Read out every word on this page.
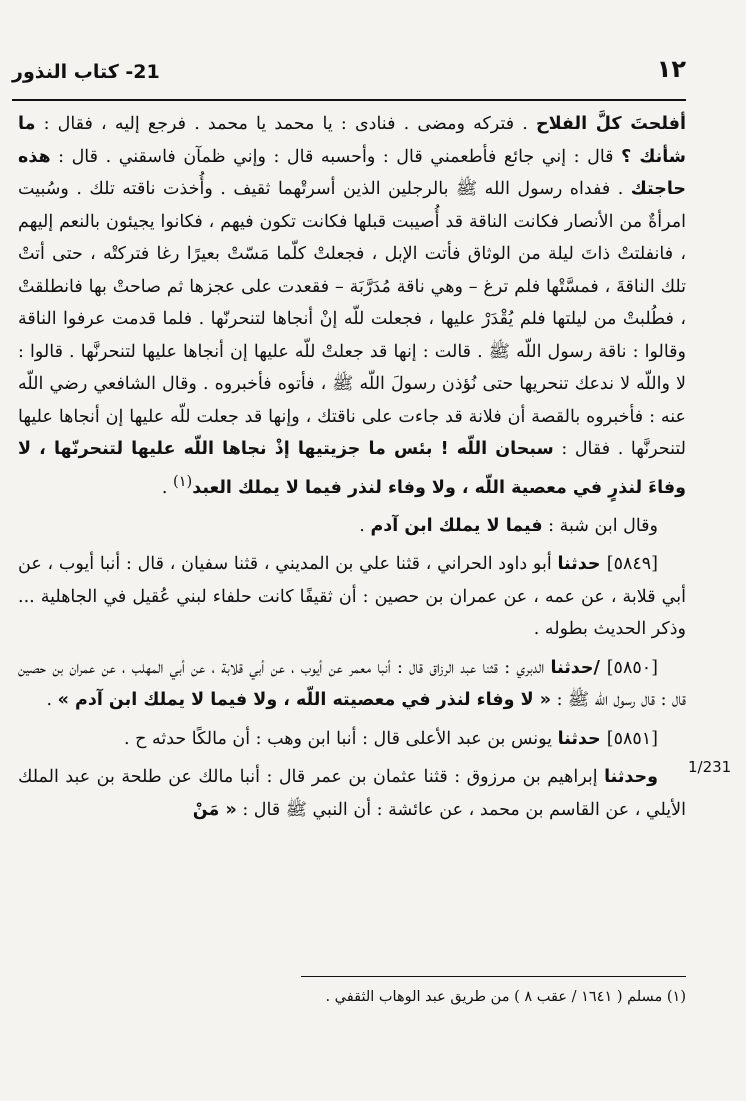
١٢
21- كتاب النذور

أفلحتَ كلَّ الفلاح . فتركه ومضى . فنادى : يا محمد يا محمد . فرجع إليه ، فقال : ما شأنك ؟ قال : إني جائع فأطعمني قال : وأحسبه قال : وإني ظمآن فاسقني . قال : هذه حاجتك . ففداه رسول الله ﷺ بالرجلين الذين أسرتْهما ثقيف . وأُخذت ناقته تلك . وسُبيت امرأةٌ من الأنصار فكانت الناقة قد أُصيبت قبلها فكانت تكون فيهم ، فكانوا يجيئون بالنعم إليهم ، فانفلتتْ ذاتَ ليلة من الوثاق فأتت الإبل ، فجعلتْ كلّما مَسّتْ بعيرًا رغا فتركتْه ، حتى أتتْ تلك الناقةَ ، فمسَّتْها فلم ترغ – وهي ناقة مُدَرَّبَة – فقعدت على عجزها ثم صاحتْ بها فانطلقتْ ، فطُلبتْ من ليلتها فلم يُقْدَرْ عليها ، فجعلت للّه إنْ أنجاها لتنحرنّها . فلما قدمت عرفوا الناقة وقالوا : ناقة رسول اللّه ﷺ . قالت : إنها قد جعلتْ للّه عليها إن أنجاها عليها لتنحرنَّها . قالوا : لا واللّه لا ندعك تنحريها حتى نُؤذن رسولَ اللّه ﷺ ، فأتوه فأخبروه . وقال الشافعي رضي اللّه عنه : فأخبروه بالقصة أن فلانة قد جاءت على ناقتك ، وإنها قد جعلت للّه عليها إن أنجاها عليها لتنحرنَّها . فقال : سبحان اللّه ! بئس ما جزيتيها إذْ نجاها اللّه عليها لتنحرنّها ، لا وفاءَ لنذرٍ في معصية اللّه ، ولا وفاء لنذر فيما لا يملك العبد$^{(١)}$ .

وقال ابن شبة : فيما لا يملك ابن آدم .

[٥٨٤٩] حدثنا أبو داود الحراني ، قثنا علي بن المديني ، قثنا سفيان ، قال : أنبا أيوب ، عن أبي قلابة ، عن عمه ، عن عمران بن حصين : أن ثقيفًا كانت حلفاء لبني عُقيل في الجاهلية ... وذكر الحديث بطوله .

[٥٨٥٠] /حدثنا الدبري : قثنا عبد الرزاق قال : أنبا معمر عن أيوب ، عن أبي قلابة ، عن أبي المهلب ، عن عمران بن حصين قال : قال رسول اللّه ﷺ : « لا وفاء لنذر في معصيته اللّه ، ولا فيما لا يملك ابن آدم » .

[٥٨٥١] حدثنا يونس بن عبد الأعلى قال : أنبا ابن وهب : أن مالكًا حدثه ح .

وحدثنا إبراهيم بن مرزوق : قثنا عثمان بن عمر قال : أنبا مالك عن طلحة بن عبد الملك الأيلي ، عن القاسم بن محمد ، عن عائشة : أن النبي ﷺ قال : « مَنْ

1/231
(١) مسلم ( ١٦٤١ / عقب ٨ ) من طريق عبد الوهاب الثقفي .
